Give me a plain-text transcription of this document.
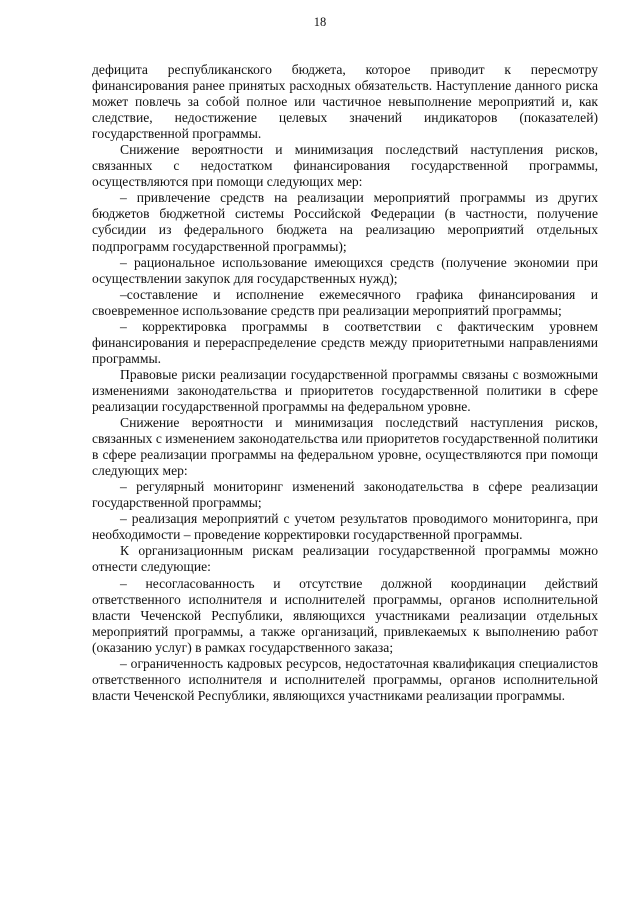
18

дефицита республиканского бюджета, которое приводит к пересмотру финансирования ранее принятых расходных обязательств. Наступление данного риска может повлечь за собой полное или частичное невыполнение мероприятий и, как следствие, недостижение целевых значений индикаторов (показателей) государственной программы.

Снижение вероятности и минимизация последствий наступления рисков, связанных с недостатком финансирования государственной программы, осуществляются при помощи следующих мер:

– привлечение средств на реализации мероприятий программы из других бюджетов бюджетной системы Российской Федерации (в частности, получение субсидии из федерального бюджета на реализацию мероприятий отдельных подпрограмм государственной программы);

– рациональное использование имеющихся средств (получение экономии при осуществлении закупок для государственных нужд);

–составление и исполнение ежемесячного графика финансирования и своевременное использование средств при реализации мероприятий программы;

– корректировка программы в соответствии с фактическим уровнем финансирования и перераспределение средств между приоритетными направлениями программы.

Правовые риски реализации государственной программы связаны с возможными изменениями законодательства и приоритетов государственной политики в сфере реализации государственной программы на федеральном уровне.

Снижение вероятности и минимизация последствий наступления рисков, связанных с изменением законодательства или приоритетов государственной политики в сфере реализации программы на федеральном уровне, осуществляются при помощи следующих мер:

– регулярный мониторинг изменений законодательства в сфере реализации государственной программы;

– реализация мероприятий с учетом результатов проводимого мониторинга, при необходимости – проведение корректировки государственной программы.

К организационным рискам реализации государственной программы можно отнести следующие:

– несогласованность и отсутствие должной координации действий ответственного исполнителя и исполнителей программы, органов исполнительной власти Чеченской Республики, являющихся участниками реализации отдельных мероприятий программы, а также организаций, привлекаемых к выполнению работ (оказанию услуг) в рамках государственного заказа;

– ограниченность кадровых ресурсов, недостаточная квалификация специалистов ответственного исполнителя и исполнителей программы, органов исполнительной власти Чеченской Республики, являющихся участниками реализации программы.
